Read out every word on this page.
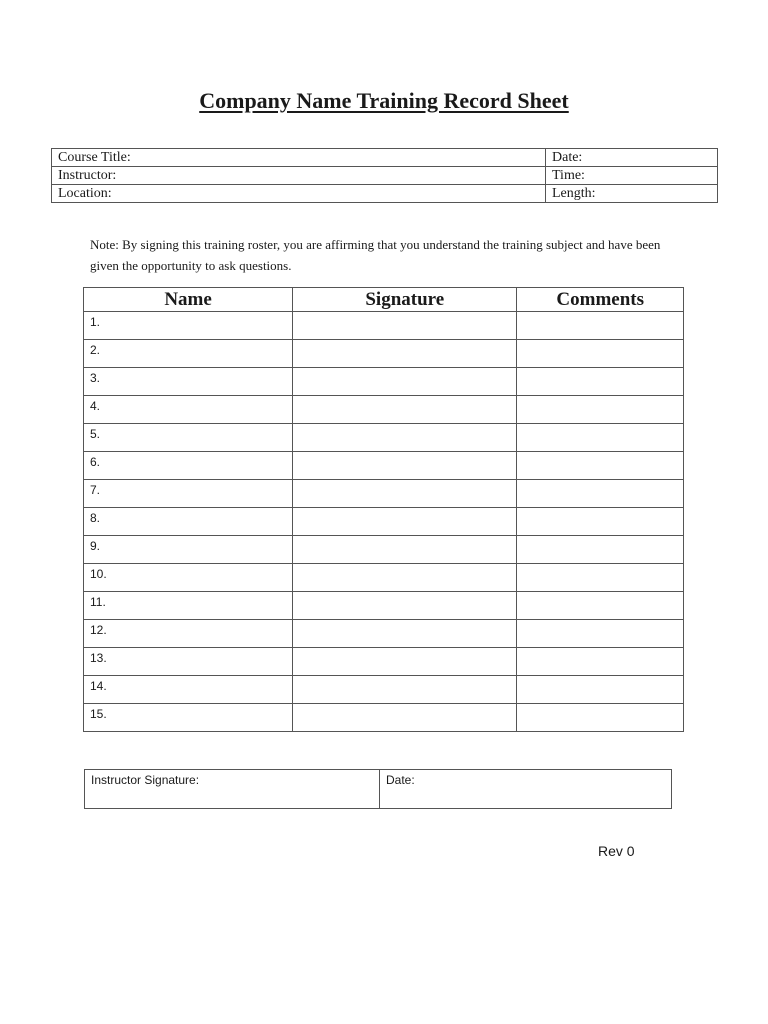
Company Name Training Record Sheet
Course Title:	Date:
Instructor:	Time:
Location:	Length:
Note: By signing this training roster, you are affirming that you understand the training subject and have been given the opportunity to ask questions.
Name	Signature	Comments
1.		
2.		
3.		
4.		
5.		
6.		
7.		
8.		
9.		
10.		
11.		
12.		
13.		
14.		
15.		
Instructor Signature:	Date:
Rev 0
